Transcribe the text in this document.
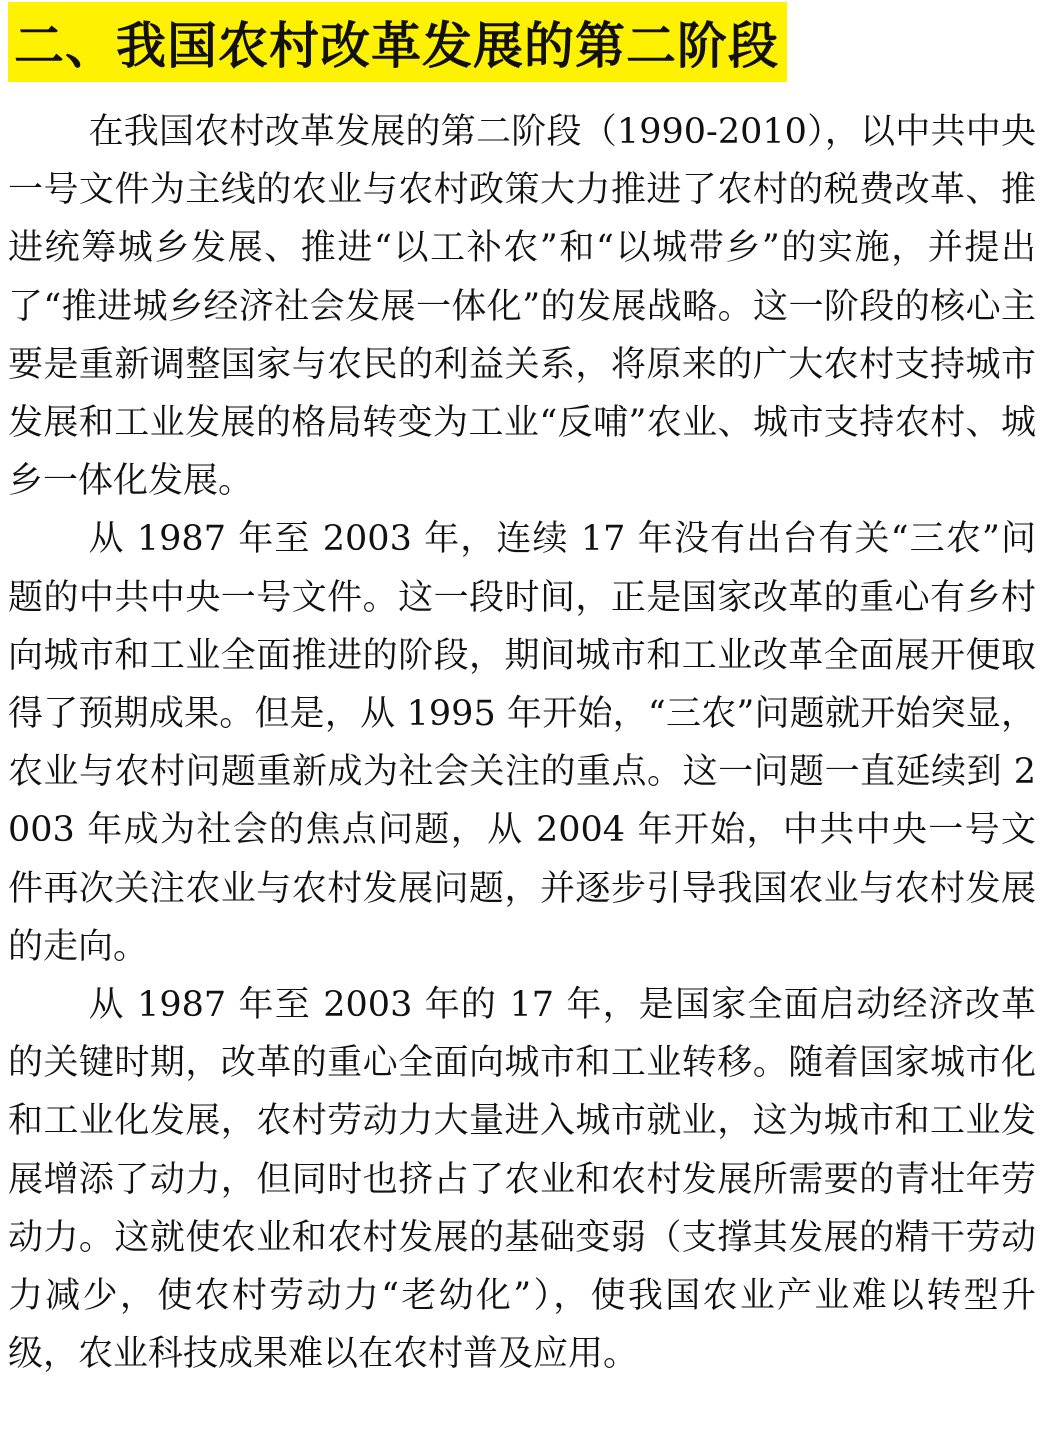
二、我国农村改革发展的第二阶段

在我国农村改革发展的第二阶段（1990-2010），以中共中央一号文件为主线的农业与农村政策大力推进了农村的税费改革、推进统筹城乡发展、推进“以工补农”和“以城带乡”的实施，并提出了“推进城乡经济社会发展一体化”的发展战略。这一阶段的核心主要是重新调整国家与农民的利益关系，将原来的广大农村支持城市发展和工业发展的格局转变为工业“反哺”农业、城市支持农村、城乡一体化发展。

从 1987 年至 2003 年，连续 17 年没有出台有关“三农”问题的中共中央一号文件。这一段时间，正是国家改革的重心有乡村向城市和工业全面推进的阶段，期间城市和工业改革全面展开便取得了预期成果。但是，从 1995 年开始，“三农”问题就开始突显，农业与农村问题重新成为社会关注的重点。这一问题一直延续到 2003 年成为社会的焦点问题，从 2004 年开始，中共中央一号文件再次关注农业与农村发展问题，并逐步引导我国农业与农村发展的走向。

从 1987 年至 2003 年的 17 年，是国家全面启动经济改革的关键时期，改革的重心全面向城市和工业转移。随着国家城市化和工业化发展，农村劳动力大量进入城市就业，这为城市和工业发展增添了动力，但同时也挤占了农业和农村发展所需要的青壮年劳动力。这就使农业和农村发展的基础变弱（支撑其发展的精干劳动力减少，使农村劳动力“老幼化”），使我国农业产业难以转型升级，农业科技成果难以在农村普及应用。
